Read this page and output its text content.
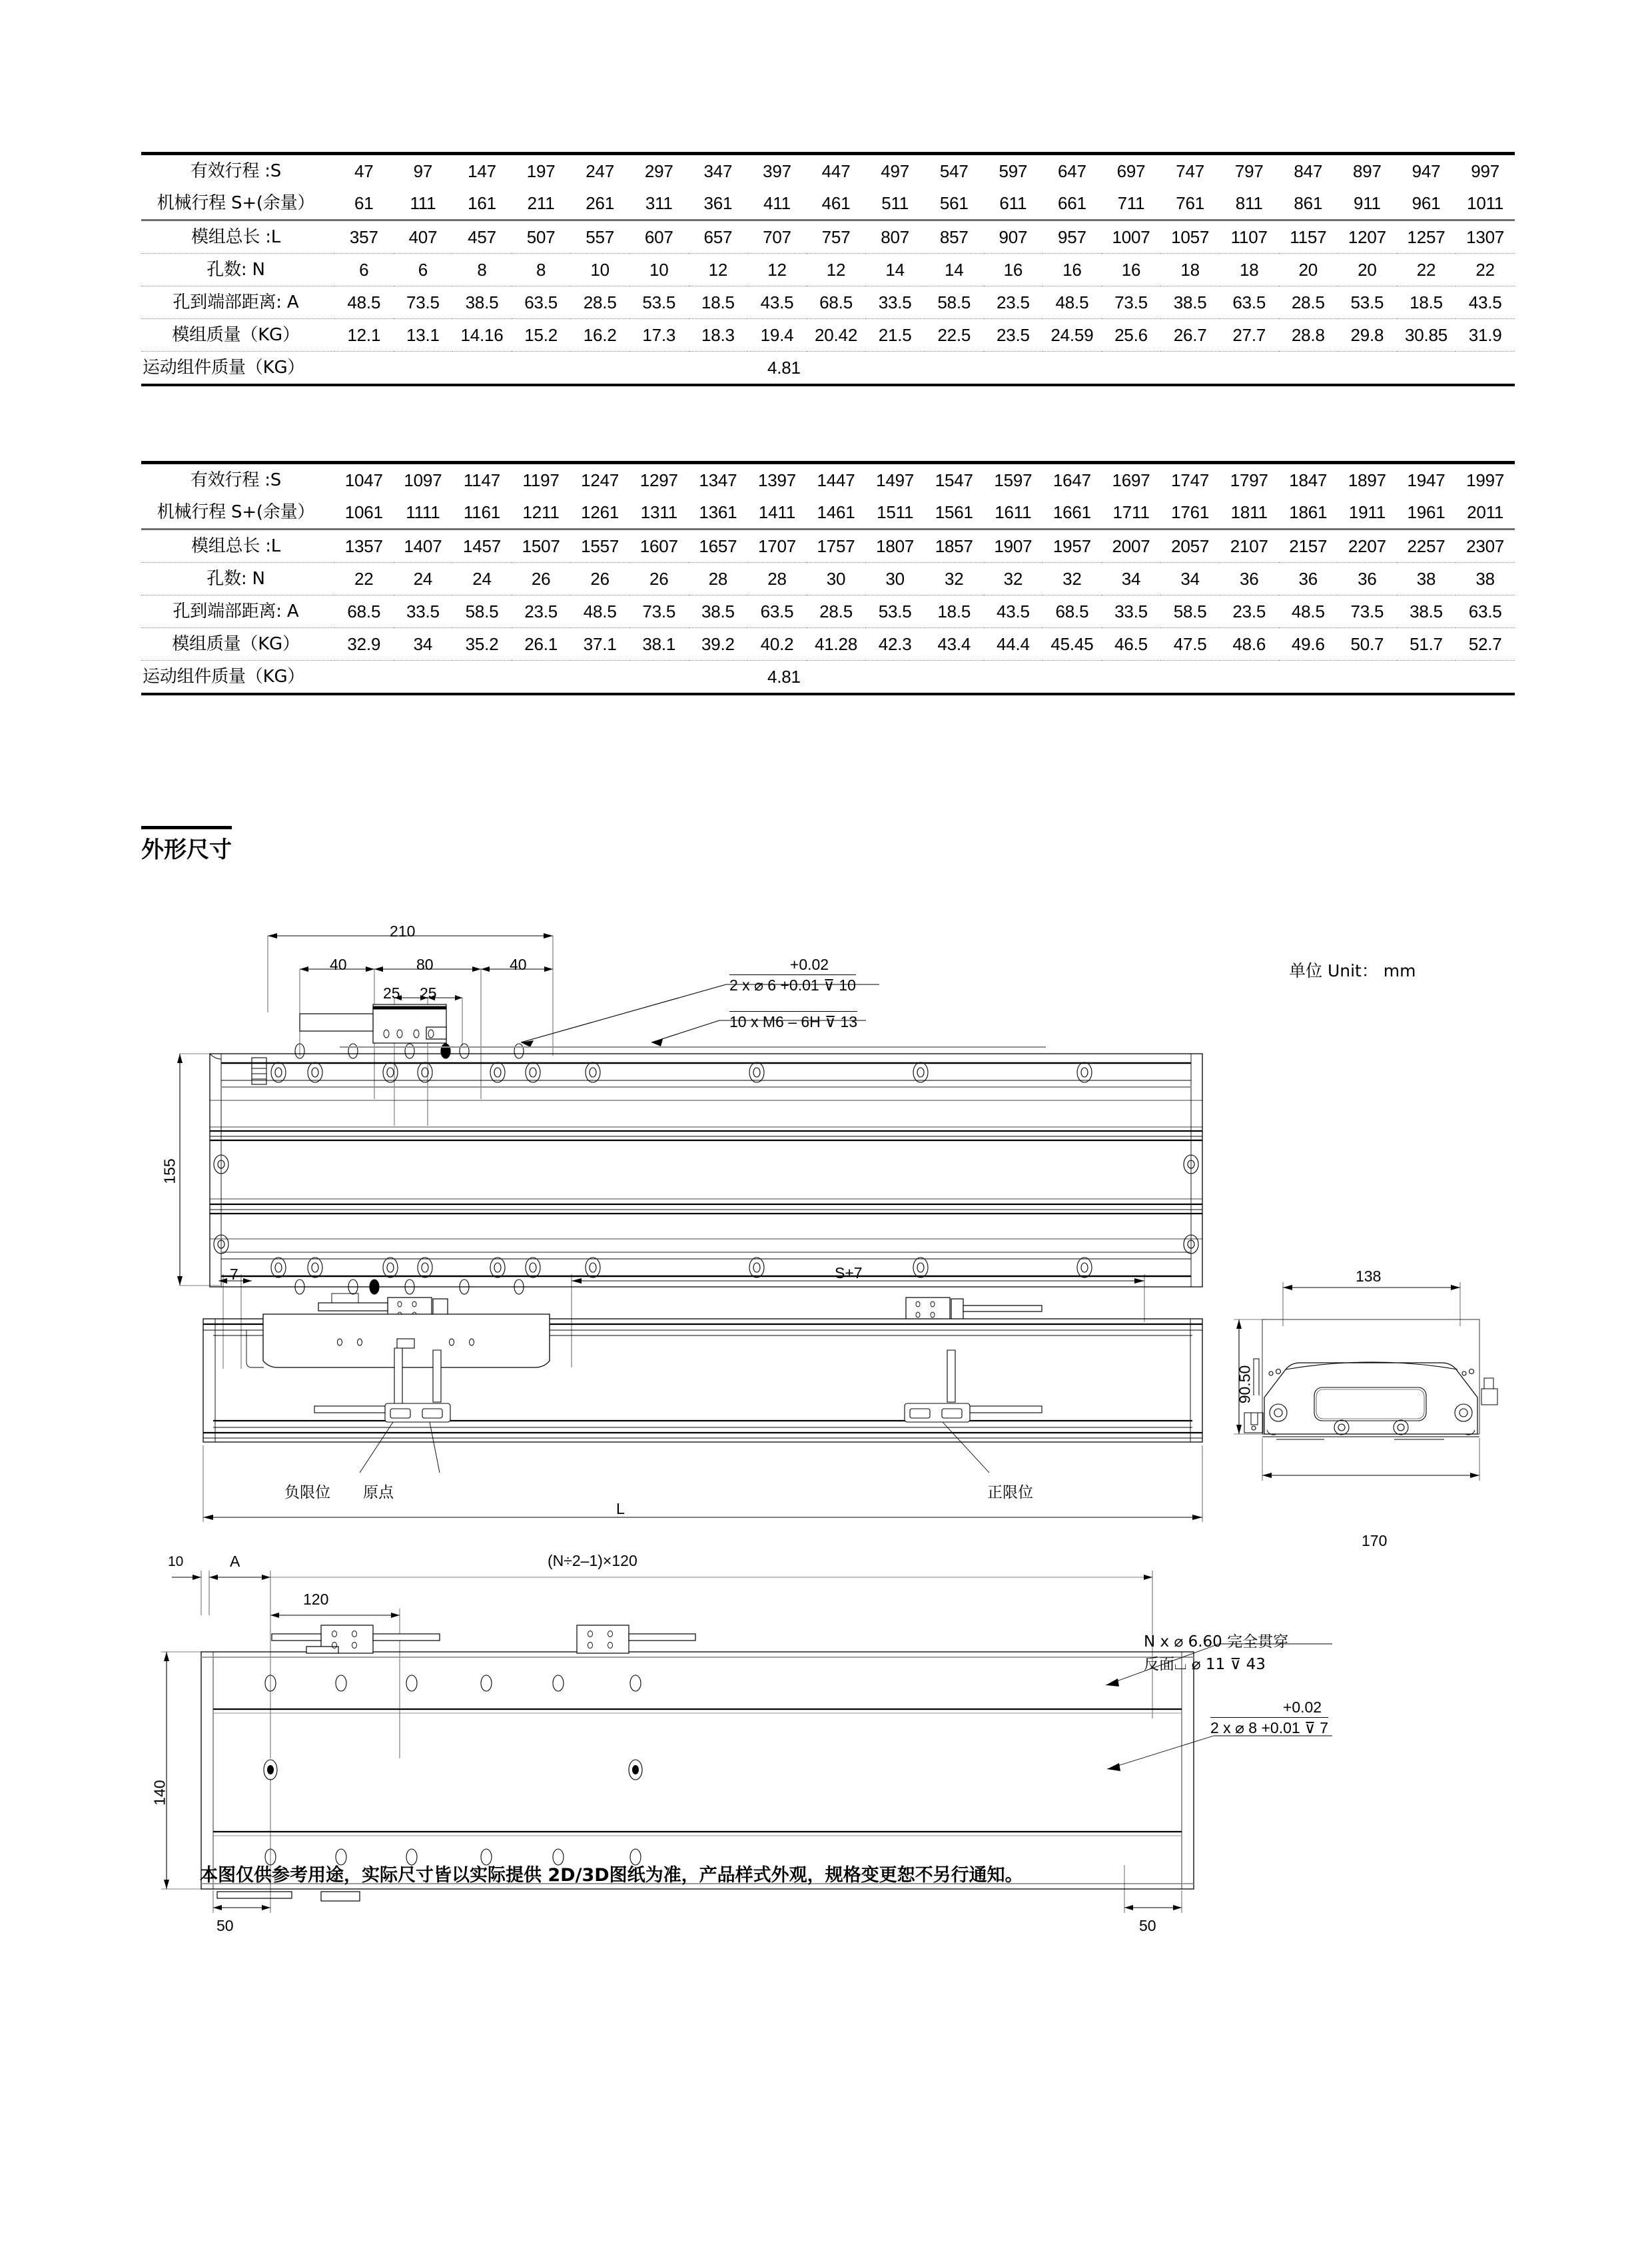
有效行程 :S	47	97	147	197	247	297	347	397	447	497	547	597	647	697	747	797	847	897	947	997
机械行程 S+(余量）	61	111	161	211	261	311	361	411	461	511	561	611	661	711	761	811	861	911	961	1011
模组总长 :L	357	407	457	507	557	607	657	707	757	807	857	907	957	1007	1057	1107	1157	1207	1257	1307
孔数: N	6	6	8	8	10	10	12	12	12	14	14	16	16	16	18	18	20	20	22	22
孔到端部距离: A	48.5	73.5	38.5	63.5	28.5	53.5	18.5	43.5	68.5	33.5	58.5	23.5	48.5	73.5	38.5	63.5	28.5	53.5	18.5	43.5
模组质量（KG）	12.1	13.1	14.16	15.2	16.2	17.3	18.3	19.4	20.42	21.5	22.5	23.5	24.59	25.6	26.7	27.7	28.8	29.8	30.85	31.9
运动组件质量（KG）	4.81																			
有效行程 :S	1047	1097	1147	1197	1247	1297	1347	1397	1447	1497	1547	1597	1647	1697	1747	1797	1847	1897	1947	1997
机械行程 S+(余量）	1061	1111	1161	1211	1261	1311	1361	1411	1461	1511	1561	1611	1661	1711	1761	1811	1861	1911	1961	2011
模组总长 :L	1357	1407	1457	1507	1557	1607	1657	1707	1757	1807	1857	1907	1957	2007	2057	2107	2157	2207	2257	2307
孔数: N	22	24	24	26	26	26	28	28	30	30	32	32	32	34	34	36	36	36	38	38
孔到端部距离: A	68.5	33.5	58.5	23.5	48.5	73.5	38.5	63.5	28.5	53.5	18.5	43.5	68.5	33.5	58.5	23.5	48.5	73.5	38.5	63.5
模组质量（KG）	32.9	34	35.2	26.1	37.1	38.1	39.2	40.2	41.28	42.3	43.4	44.4	45.45	46.5	47.5	48.6	49.6	50.7	51.7	52.7
运动组件质量（KG）	4.81																			
外形尺寸
单位 Unit： mm
210
40	80	40
25 25
155
+0.02
2 x ⌀ 6 +0.01 ⊽ 10
10 x M6 – 6H ⊽ 13
7	S+7
L
负限位 原点	正限位
138
90.50
170
10	A
120
(N÷2–1)×120
140
50	50
N x ⌀ 6.60 完全贯穿
反面⌴ ⌀ 11 ⊽ 43
+0.02
2 x ⌀ 8 +0.01 ⊽ 7
本图仅供参考用途，实际尺寸皆以实际提供 2D/3D图纸为准，产品样式外观，规格变更恕不另行通知。
